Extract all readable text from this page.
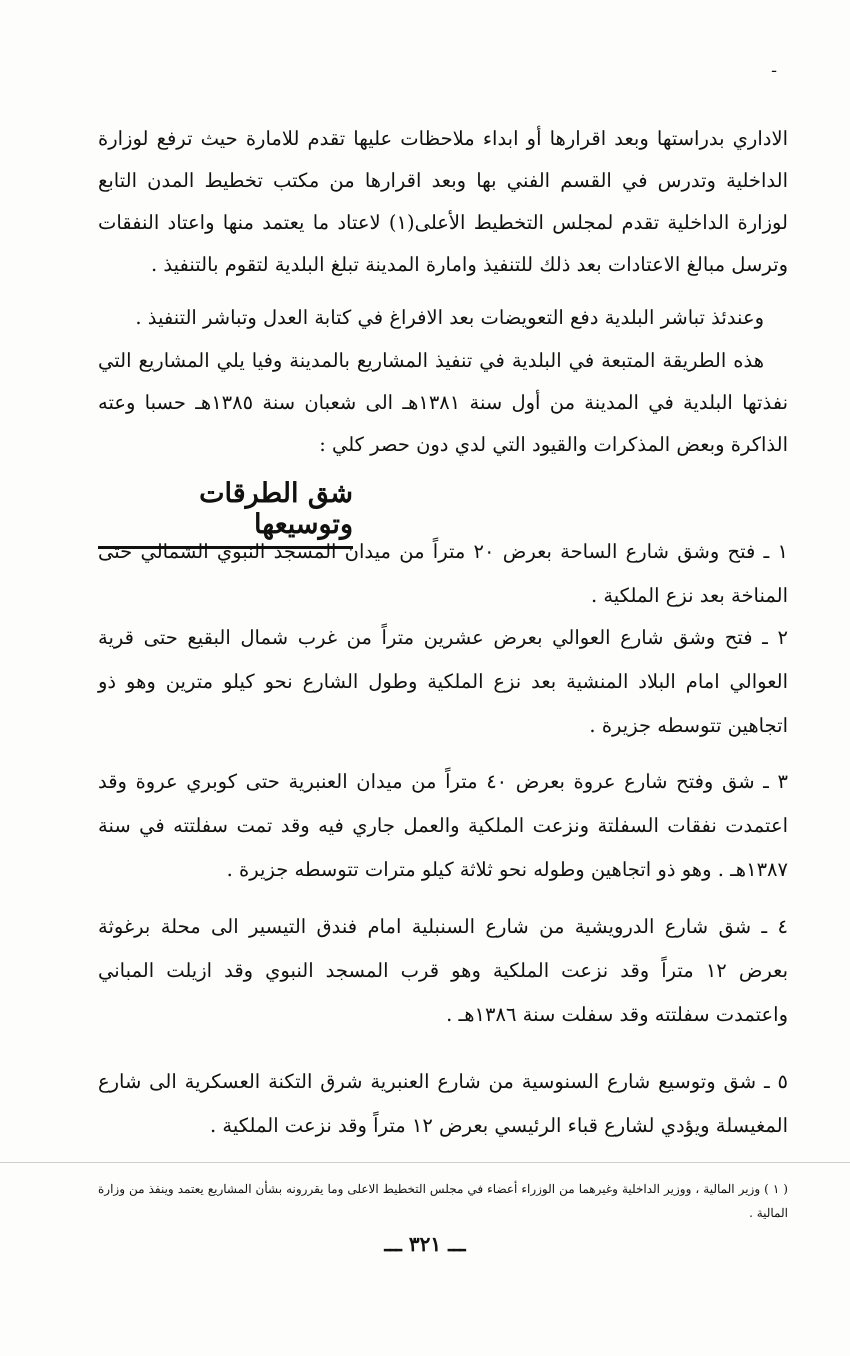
ـ

الاداري بدراستها وبعد اقرارها أو ابداء ملاحظات عليها تقدم للامارة حيث ترفع لوزارة الداخلية وتدرس في القسم الفني بها وبعد اقرارها من مكتب تخطيط المدن التابع لوزارة الداخلية تقدم لمجلس التخطيط الأعلى(١) لاعتاد ما يعتمد منها واعتاد النفقات وترسل مبالغ الاعتادات بعد ذلك للتنفيذ وامارة المدينة تبلغ البلدية لتقوم بالتنفيذ .

وعندئذ تباشر البلدية دفع التعويضات بعد الافراغ في كتابة العدل وتباشر التنفيذ .

هذه الطريقة المتبعة في البلدية في تنفيذ المشاريع بالمدينة وفيا يلي المشاريع التي نفذتها البلدية في المدينة من أول سنة ١٣٨١هـ الى شعبان سنة ١٣٨٥هـ حسبا وعته الذاكرة وبعض المذكرات والقيود التي لدي دون حصر كلي :

شق الطرقات وتوسيعها

١ ـ فتح وشق شارع الساحة بعرض ٢٠ متراً من ميدان المسجد النبوي الشمالي حتى المناخة بعد نزع الملكية .

٢ ـ فتح وشق شارع العوالي بعرض عشرين متراً من غرب شمال البقيع حتى قرية العوالي امام البلاد المنشية بعد نزع الملكية وطول الشارع نحو كيلو مترين وهو ذو اتجاهين تتوسطه جزيرة .

٣ ـ شق وفتح شارع عروة بعرض ٤٠ متراً من ميدان العنبرية حتى كوبري عروة وقد اعتمدت نفقات السفلتة ونزعت الملكية والعمل جاري فيه وقد تمت سفلتته في سنة ١٣٨٧هـ . وهو ذو اتجاهين وطوله نحو ثلاثة كيلو مترات تتوسطه جزيرة .

٤ ـ شق شارع الدرويشية من شارع السنبلية امام فندق التيسير الى محلة برغوثة بعرض ١٢ متراً وقد نزعت الملكية وهو قرب المسجد النبوي وقد ازيلت المباني واعتمدت سفلتته وقد سفلت سنة ١٣٨٦هـ .

٥ ـ شق وتوسيع شارع السنوسية من شارع العنبرية شرق التكنة العسكرية الى شارع المغيسلة ويؤدي لشارع قباء الرئيسي بعرض ١٢ متراً وقد نزعت الملكية .

( ١ ) وزير المالية ، ووزير الداخلية وغيرهما من الوزراء أعضاء في مجلس التخطيط الاعلى وما يقررونه بشأن المشاريع يعتمد وينفذ من وزارة المالية .

ـــ ٣٢١ ـــ
